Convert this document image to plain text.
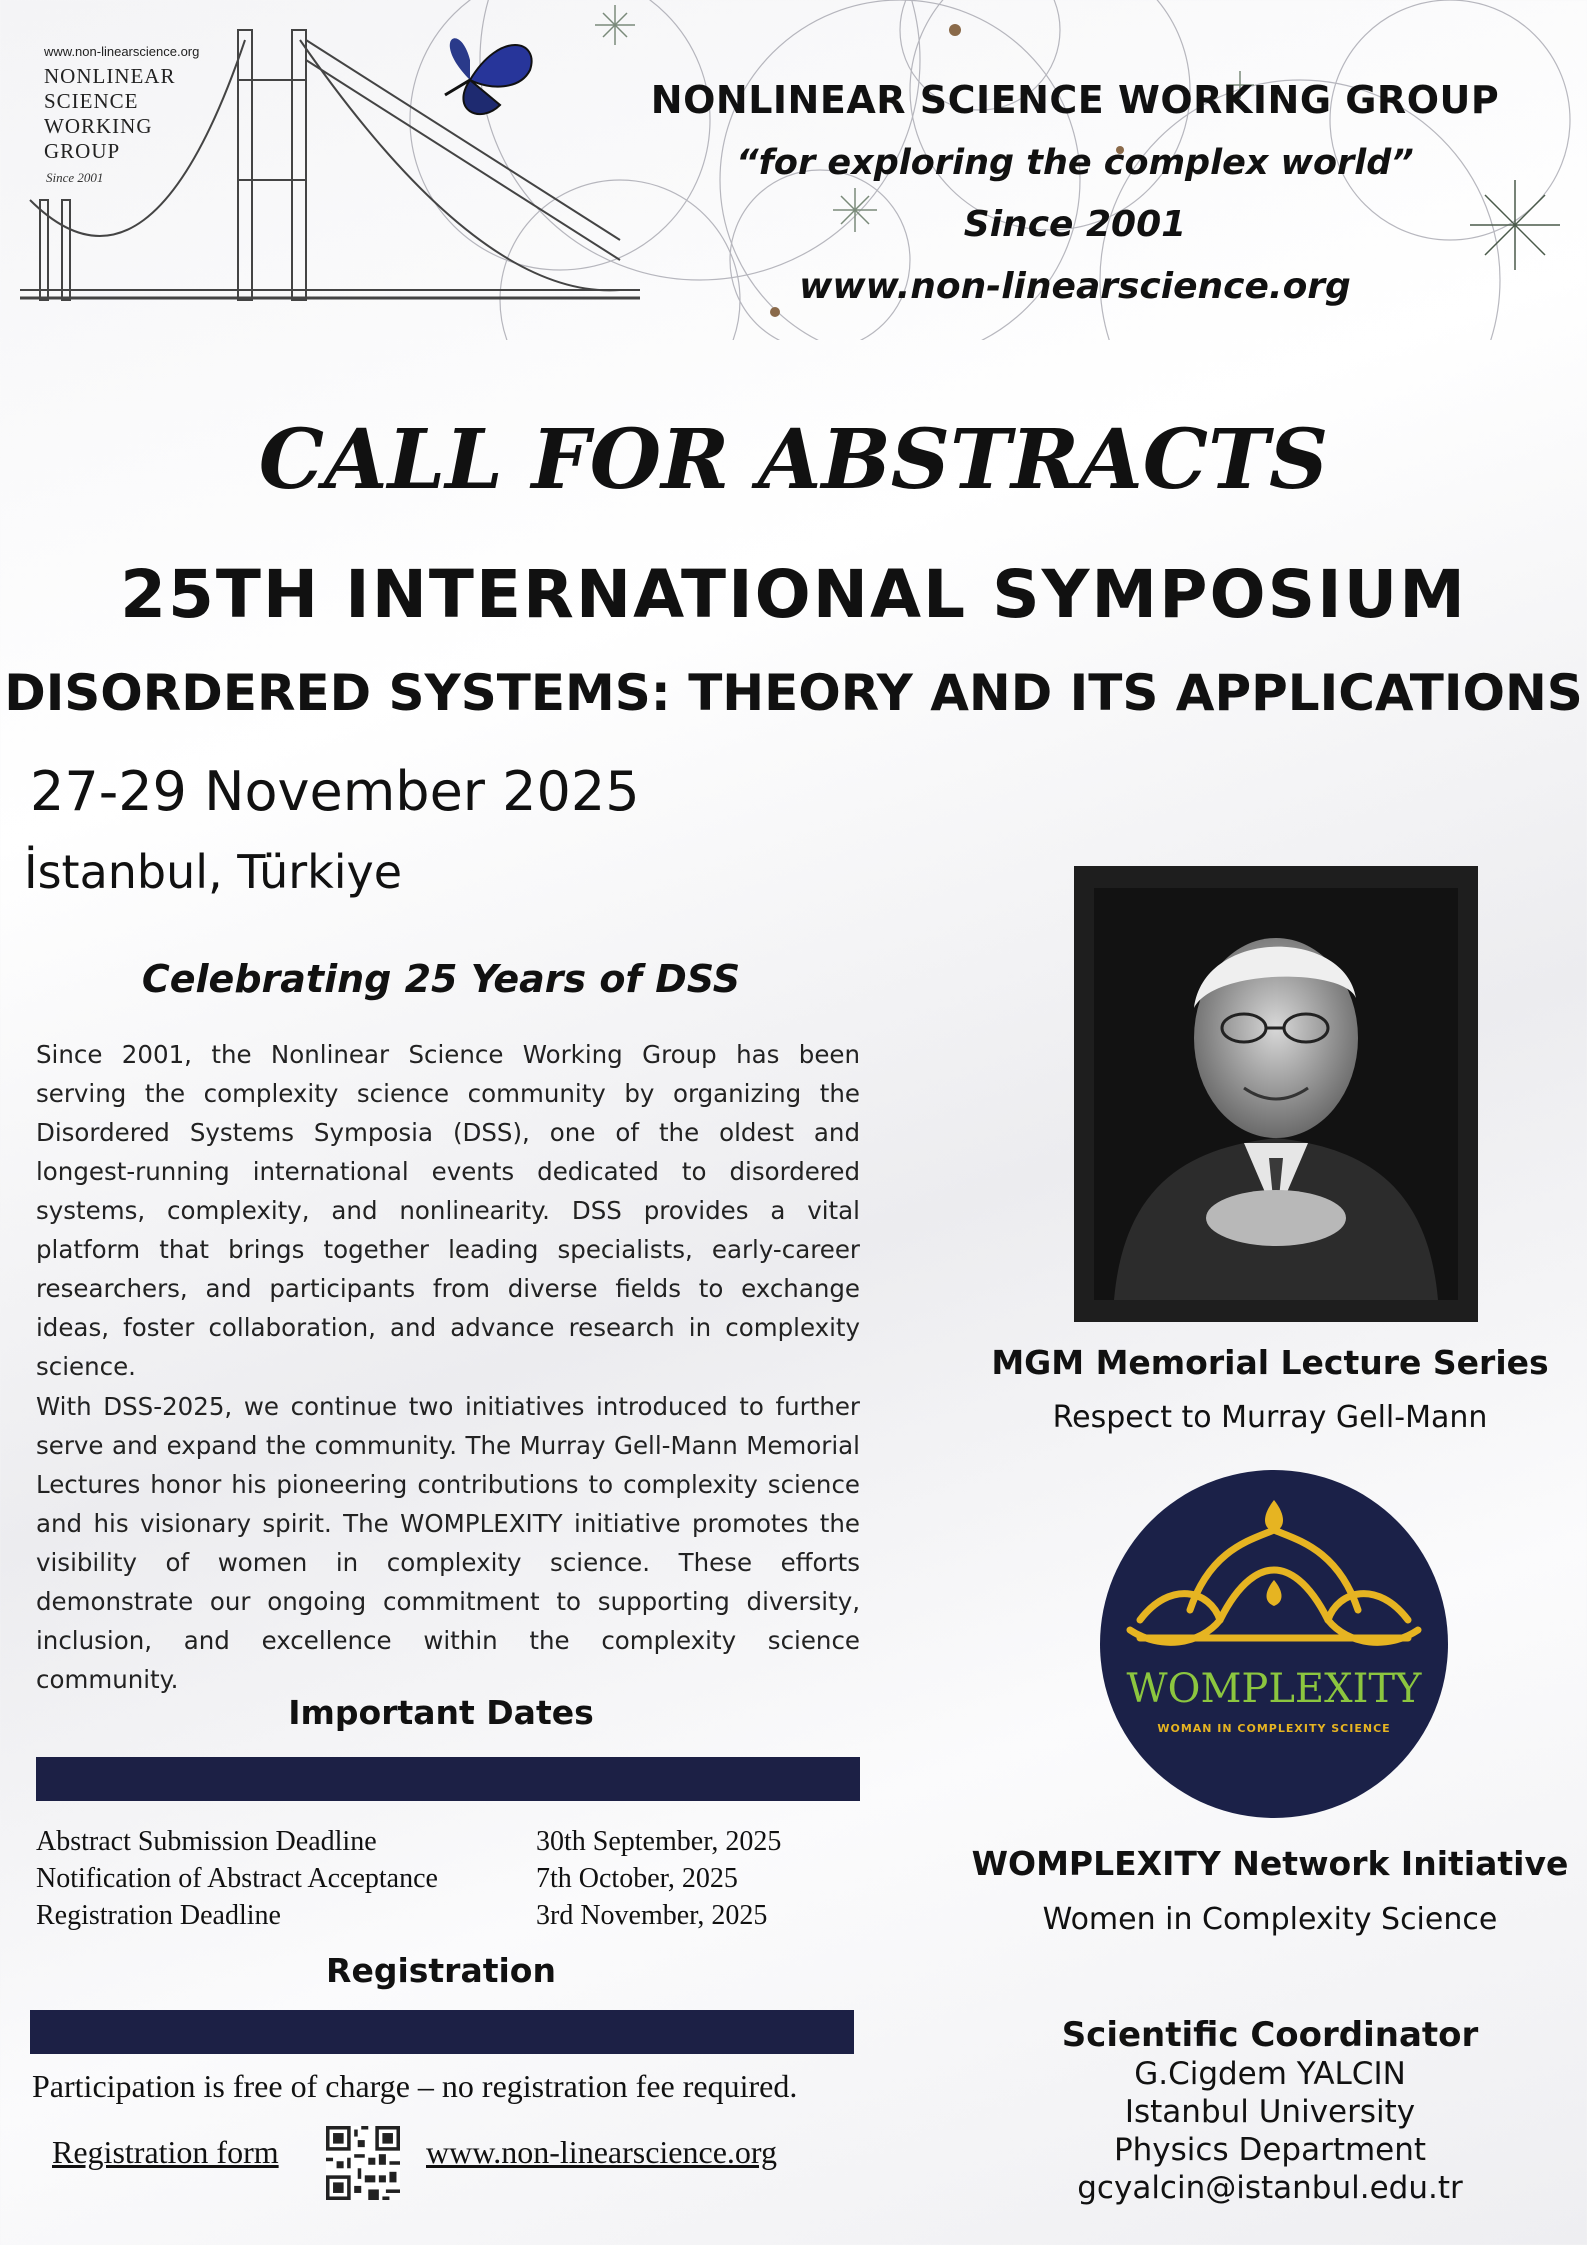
www.non-linearscience.org
NONLINEAR
SCIENCE
WORKING
GROUP
Since 2001
NONLINEAR SCIENCE WORKING GROUP
“for exploring the complex world”
Since 2001
www.non-linearscience.org
CALL FOR ABSTRACTS
25TH INTERNATIONAL SYMPOSIUM
DISORDERED SYSTEMS: THEORY AND ITS APPLICATIONS
27-29 November 2025
İstanbul, Türkiye
Celebrating 25 Years of DSS

Since 2001, the Nonlinear Science Working Group has been serving the complexity science community by organizing the Disordered Systems Symposia (DSS), one of the oldest and longest-running international events dedicated to disordered systems, complexity, and nonlinearity. DSS provides a vital platform that brings together leading specialists, early-career researchers, and participants from diverse fields to exchange ideas, foster collaboration, and advance research in complexity science.

With DSS-2025, we continue two initiatives introduced to further serve and expand the community. The Murray Gell-Mann Memorial Lectures honor his pioneering contributions to complexity science and his visionary spirit. The WOMPLEXITY initiative promotes the visibility of women in complexity science. These efforts demonstrate our ongoing commitment to supporting diversity, inclusion, and excellence within the complexity science community.

Important Dates
Abstract Submission Deadline	30th September, 2025
Notification of Abstract Acceptance	7th October, 2025
Registration Deadline	3rd November, 2025
Registration
Participation is free of charge – no registration fee required.
Registration form	www.non-linearscience.org
MGM Memorial Lecture Series
Respect to Murray Gell-Mann
WOMPLEXITY
WOMAN IN COMPLEXITY SCIENCE
WOMPLEXITY Network Initiative
Women in Complexity Science
Scientific Coordinator
G.Cigdem YALCIN
Istanbul University
Physics Department
gcyalcin@istanbul.edu.tr
